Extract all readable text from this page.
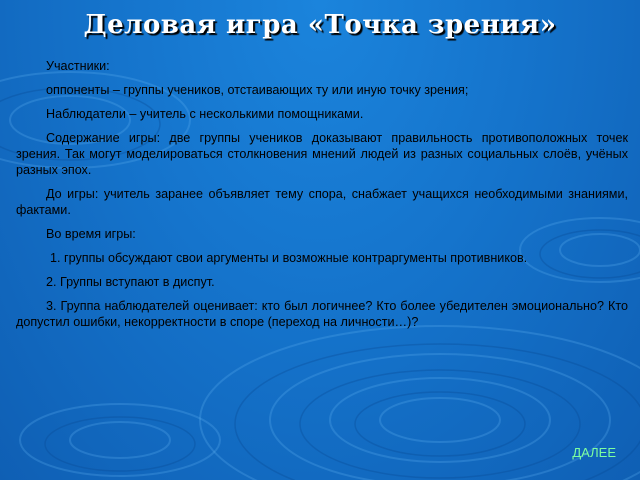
Деловая игра «Точка зрения»

Участники:

оппоненты – группы учеников, отстаивающих ту или иную точку зрения;

Наблюдатели – учитель с несколькими помощниками.

Содержание игры: две группы учеников доказывают правильность противоположных точек зрения. Так могут моделироваться столкновения мнений людей из разных социальных слоёв, учёных разных эпох.

До игры: учитель заранее объявляет тему спора, снабжает учащихся необходимыми знаниями, фактами.

Во время игры:

1. группы обсуждают свои аргументы и возможные контраргументы противников.

2. Группы вступают в диспут.

3. Группа наблюдателей оценивает: кто был логичнее? Кто более убедителен эмоционально? Кто допустил ошибки, некорректности в споре (переход на личности…)?

ДАЛЕЕ
